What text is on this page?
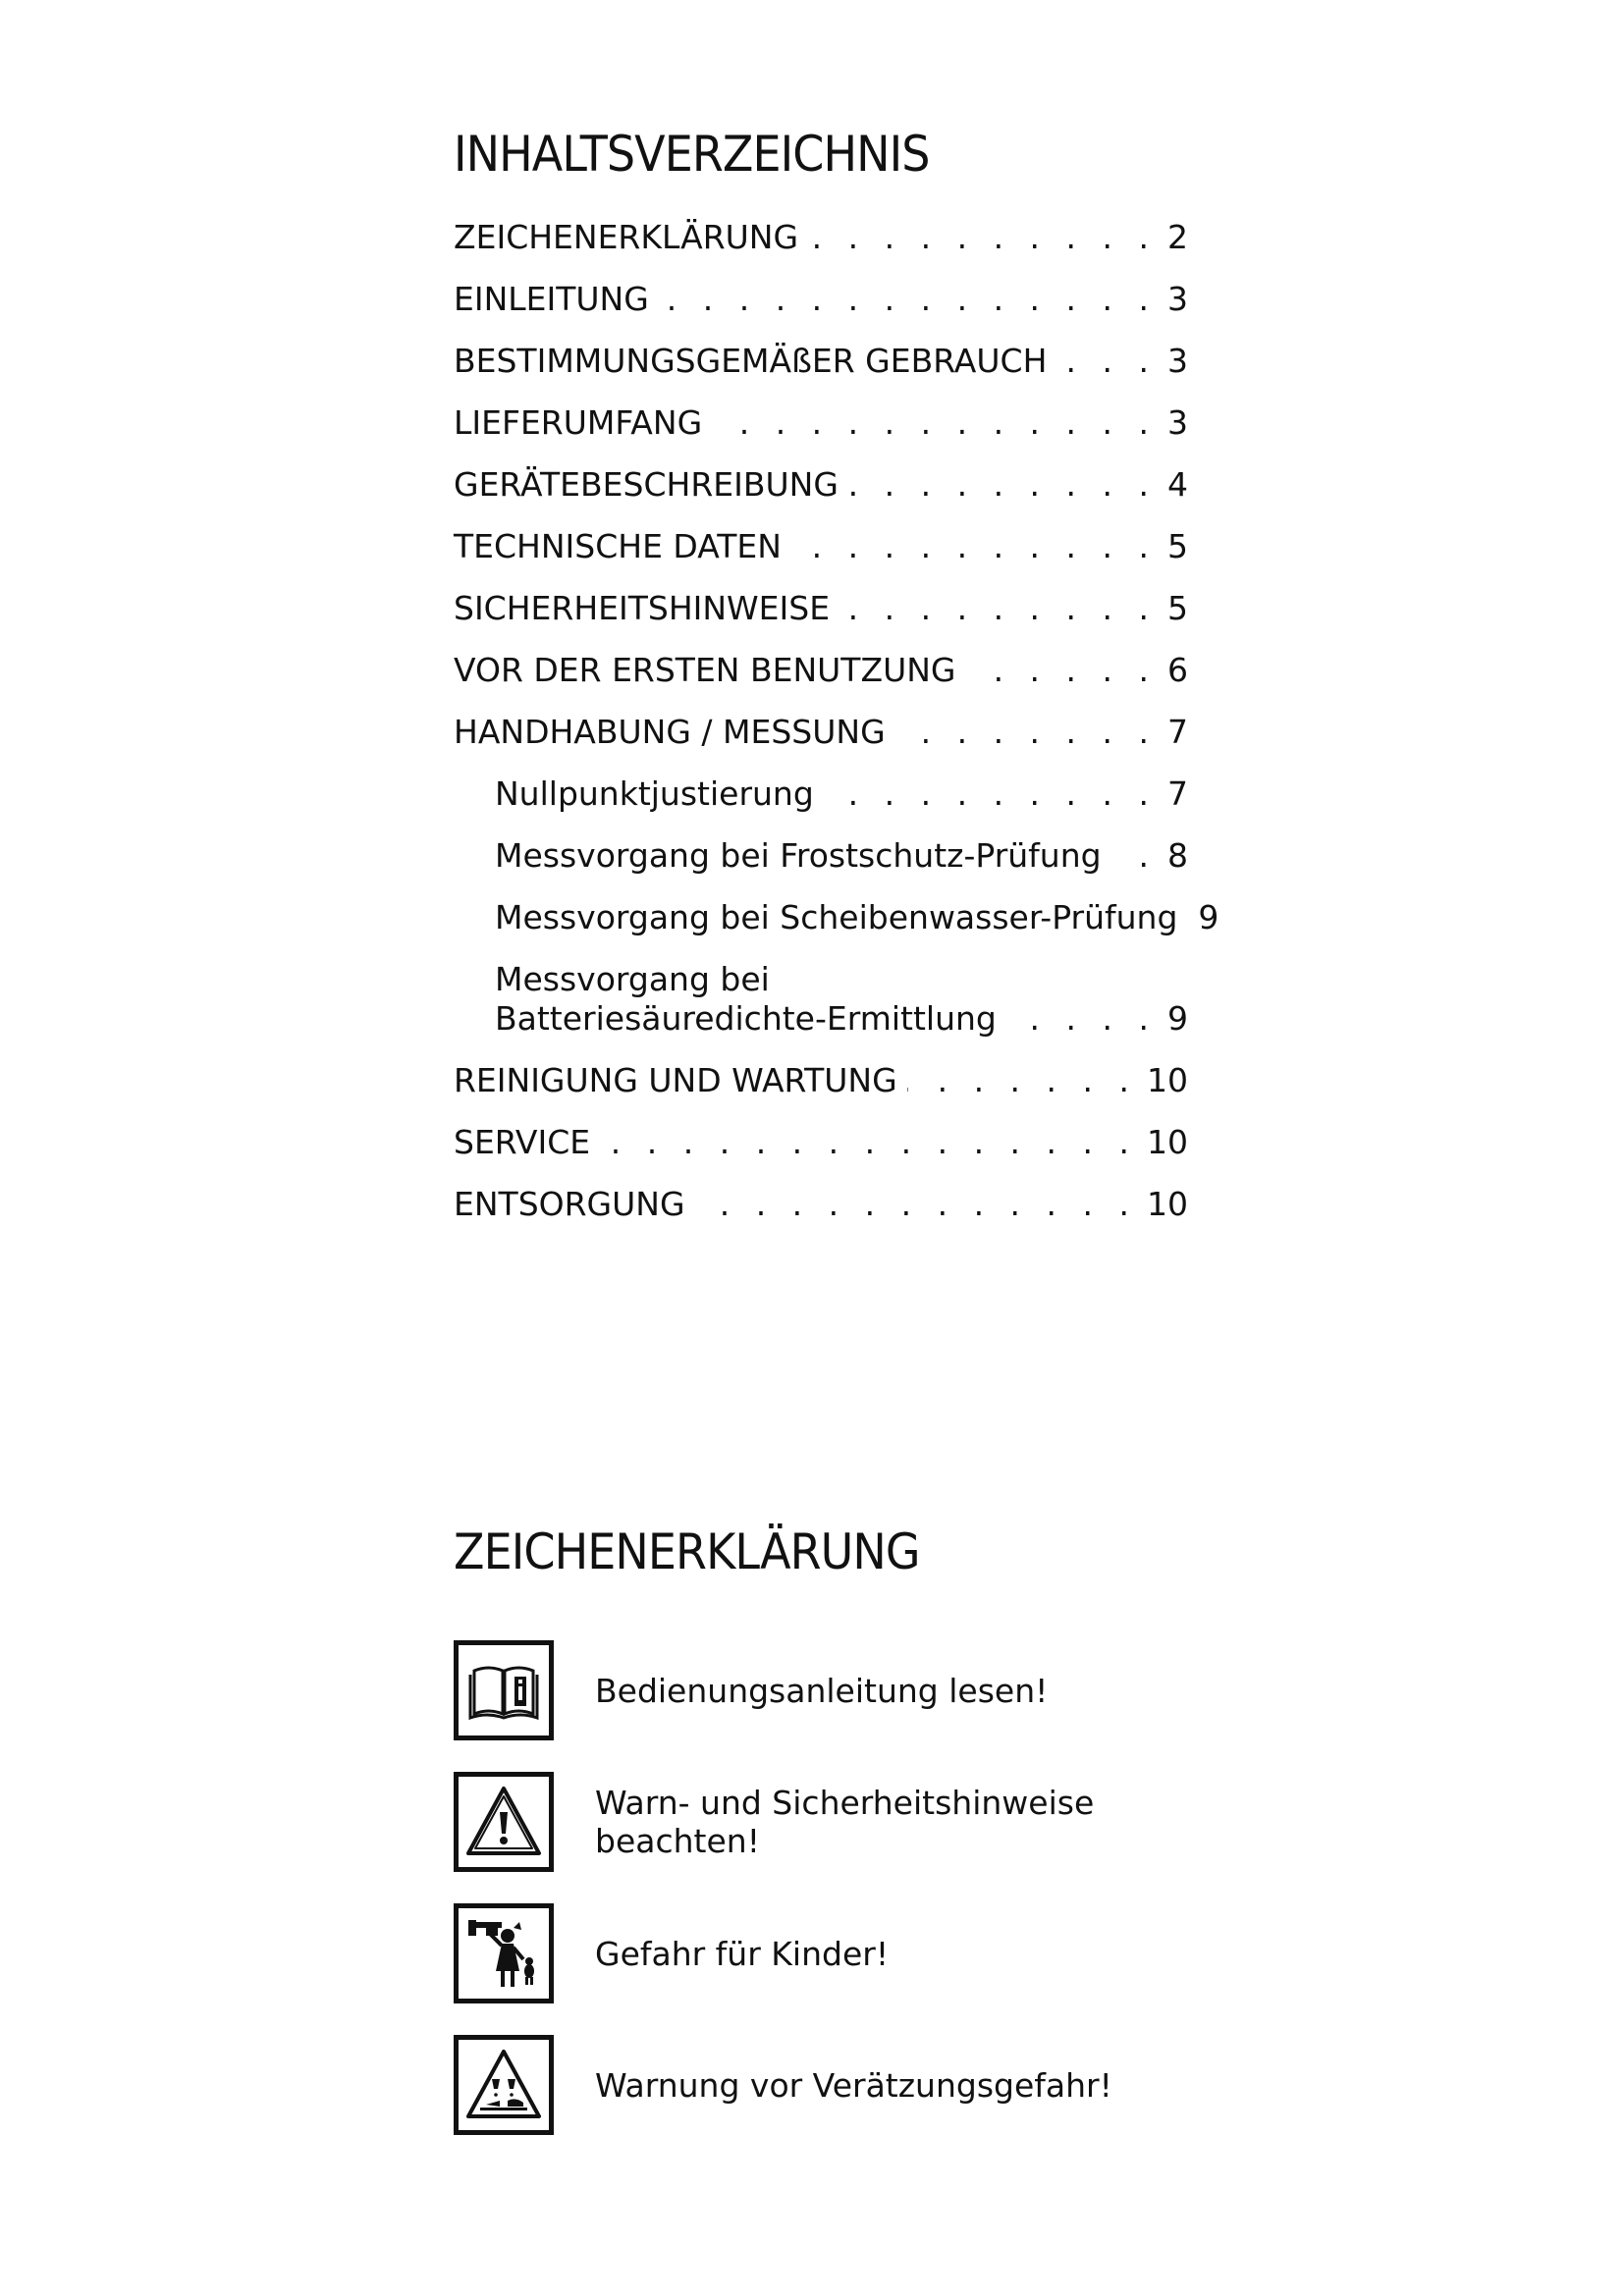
INHALTSVERZEICHNIS
ZEICHENERKLÄRUNG . . .	2
EINLEITUNG . . .	3
BESTIMMUNGSGEMÄßER GEBRAUCH . . .	3
LIEFERUMFANG . . .	3
GERÄTEBESCHREIBUNG . . .	4
TECHNISCHE DATEN . . .	5
SICHERHEITSHINWEISE . . .	5
VOR DER ERSTEN BENUTZUNG . . .	6
HANDHABUNG / MESSUNG . . .	7
Nullpunktjustierung . . .	7
Messvorgang bei Frostschutz-Prüfung . . . 8
Messvorgang bei Scheibenwasser-Prüfung 9
Messvorgang bei
Batteriesäuredichte-Ermittlung . . .	9
REINIGUNG UND WARTUNG . . .	10
SERVICE . . .	10
ENTSORGUNG . . .	10
ZEICHENERKLÄRUNG
Bedienungsanleitung lesen!
Warn- und Sicherheitshinweise beachten!
Gefahr für Kinder!
Warnung vor Verätzungsgefahr!
